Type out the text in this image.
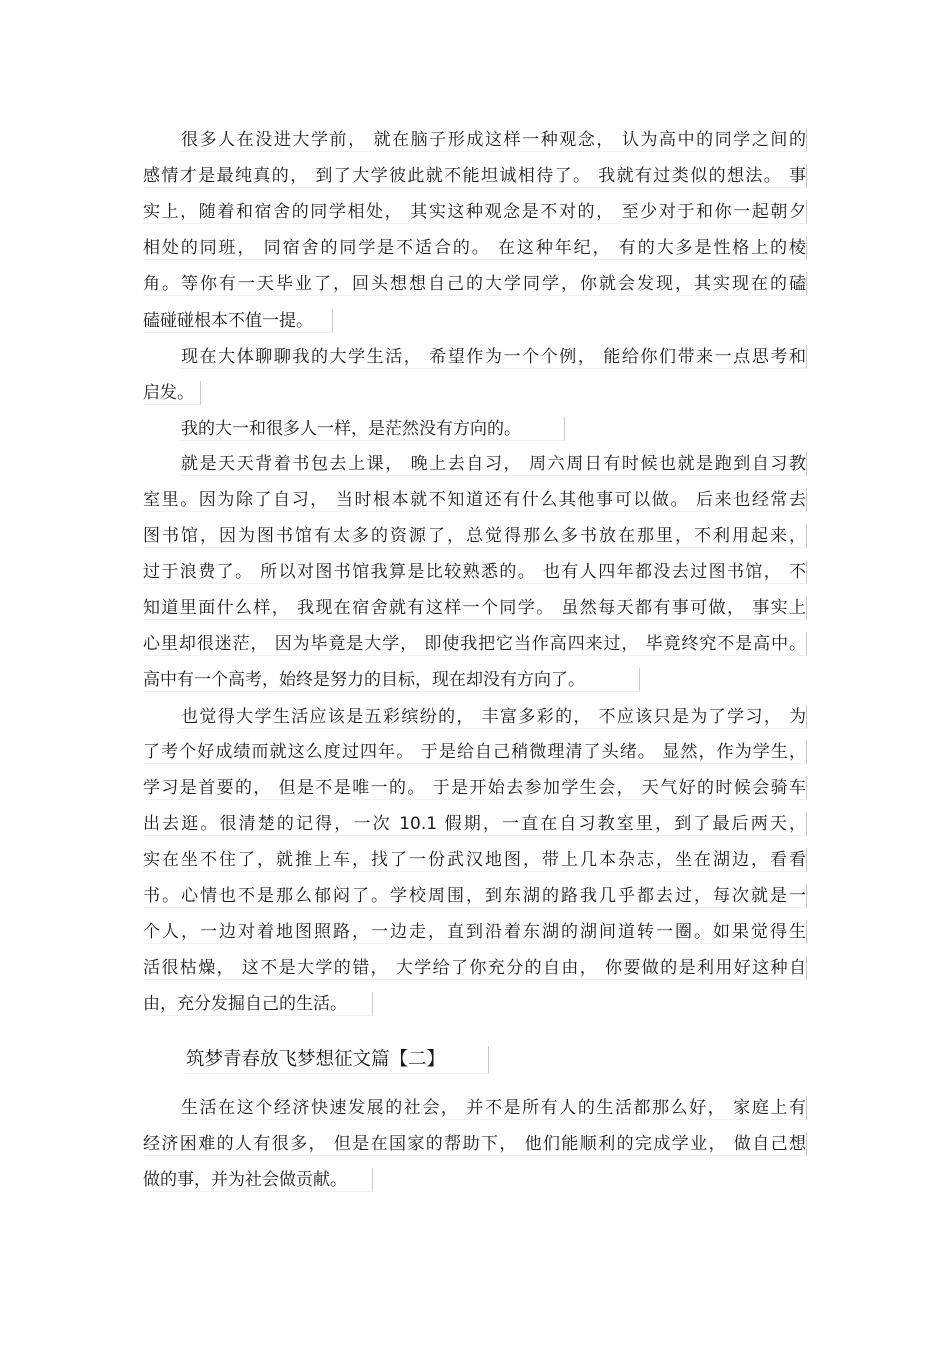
很多人在没进大学前， 就在脑子形成这样一种观念， 认为高中的同学之间的
感情才是最纯真的， 到了大学彼此就不能坦诚相待了。 我就有过类似的想法。 事
实上，随着和宿舍的同学相处， 其实这种观念是不对的， 至少对于和你一起朝夕
相处的同班， 同宿舍的同学是不适合的。 在这种年纪， 有的大多是性格上的棱
角。等你有一天毕业了，回头想想自己的大学同学，你就会发现，其实现在的磕
磕碰碰根本不值一提。
现在大体聊聊我的大学生活， 希望作为一个个例， 能给你们带来一点思考和
启发。
我的大一和很多人一样，是茫然没有方向的。
就是天天背着书包去上课， 晚上去自习， 周六周日有时候也就是跑到自习教
室里。因为除了自习， 当时根本就不知道还有什么其他事可以做。 后来也经常去
图书馆，因为图书馆有太多的资源了，总觉得那么多书放在那里，不利用起来，
过于浪费了。 所以对图书馆我算是比较熟悉的。 也有人四年都没去过图书馆， 不
知道里面什么样， 我现在宿舍就有这样一个同学。 虽然每天都有事可做， 事实上
心里却很迷茫， 因为毕竟是大学， 即使我把它当作高四来过， 毕竟终究不是高中。
高中有一个高考，始终是努力的目标，现在却没有方向了。
也觉得大学生活应该是五彩缤纷的， 丰富多彩的， 不应该只是为了学习， 为
了考个好成绩而就这么度过四年。 于是给自己稍微理清了头绪。 显然，作为学生，
学习是首要的， 但是不是唯一的。 于是开始去参加学生会， 天气好的时候会骑车
出去逛。很清楚的记得，一次 10.1 假期，一直在自习教室里，到了最后两天，
实在坐不住了，就推上车，找了一份武汉地图，带上几本杂志，坐在湖边，看看
书。心情也不是那么郁闷了。学校周围，到东湖的路我几乎都去过，每次就是一
个人，一边对着地图照路，一边走，直到沿着东湖的湖间道转一圈。如果觉得生
活很枯燥， 这不是大学的错， 大学给了你充分的自由， 你要做的是利用好这种自
由，充分发掘自己的生活。
筑梦青春放飞梦想征文篇【二】
生活在这个经济快速发展的社会， 并不是所有人的生活都那么好， 家庭上有
经济困难的人有很多， 但是在国家的帮助下， 他们能顺利的完成学业， 做自己想
做的事，并为社会做贡献。
